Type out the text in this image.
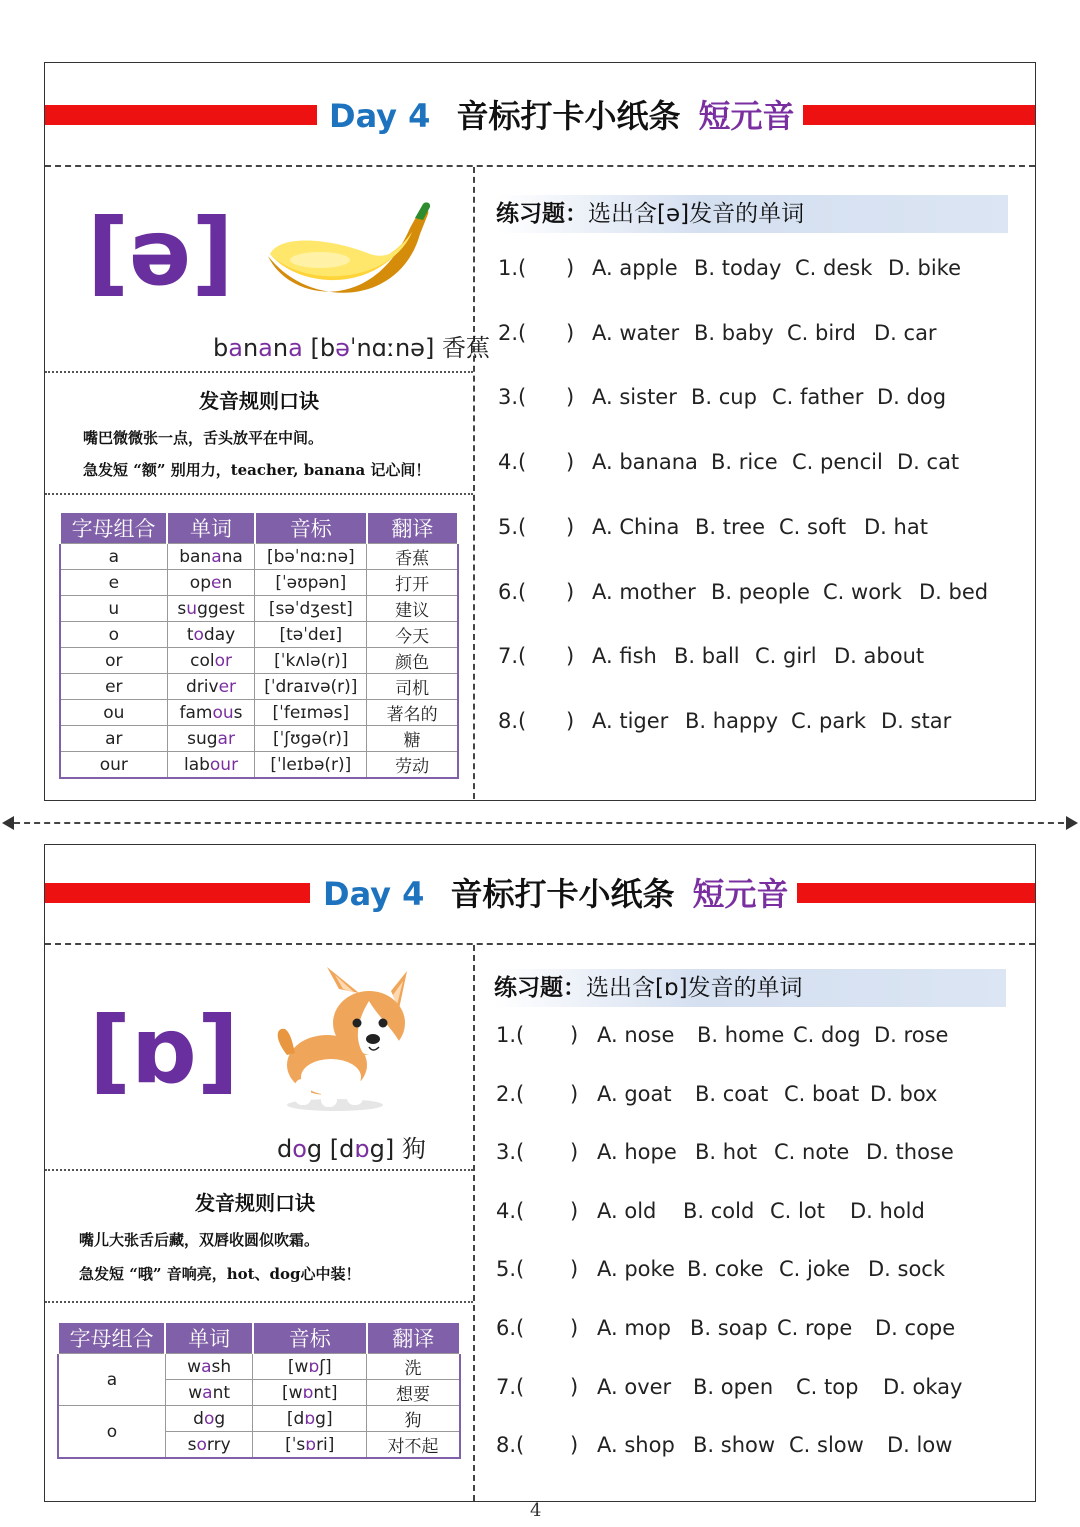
Day 4 音标打卡小纸条 短元音
[ə]
banana [bəˈnɑːnə] 香蕉
发音规则口诀
嘴巴微微张一点，舌头放平在中间。
急发短 “额” 别用力，teacher, banana 记心间！
字母组合	单词	音标	翻译
a	banana	[bəˈnɑːnə]	香蕉
e	open	[ˈəʊpən]	打开
u	suggest	[səˈdʒest]	建议
o	today	[təˈdeɪ]	今天
or	color	[ˈkʌlə(r)]	颜色
er	driver	[ˈdraɪvə(r)]	司机
ou	famous	[ˈfeɪməs]	著名的
ar	sugar	[ˈʃʊgə(r)]	糖
our	labour	[ˈleɪbə(r)]	劳动
练习题：选出含[ə]发音的单词
1.( ) A. apple B. today C. desk D. bike
2.( ) A. water B. baby C. bird D. car
3.( ) A. sister B. cup C. father D. dog
4.( ) A. banana B. rice C. pencil D. cat
5.( ) A. China B. tree C. soft D. hat
6.( ) A. mother B. people C. work D. bed
7.( ) A. fish B. ball C. girl D. about
8.( ) A. tiger B. happy C. park D. star
Day 4 音标打卡小纸条 短元音
[ɒ]
dog [dɒg] 狗
发音规则口诀
嘴儿大张舌后藏，双唇收圆似吹霜。
急发短 “哦” 音响亮，hot、dog心中装！
字母组合	单词	音标	翻译
a	wash	[wɒʃ]	洗
	want	[wɒnt]	想要
o	dog	[dɒg]	狗
	sorry	[ˈsɒri]	对不起
练习题：选出含[ɒ]发音的单词
1.( ) A. nose B. home C. dog D. rose
2.( ) A. goat B. coat C. boat D. box
3.( ) A. hope B. hot C. note D. those
4.( ) A. old B. cold C. lot D. hold
5.( ) A. poke B. coke C. joke D. sock
6.( ) A. mop B. soap C. rope D. cope
7.( ) A. over B. open C. top D. okay
8.( ) A. shop B. show C. slow D. low
4
